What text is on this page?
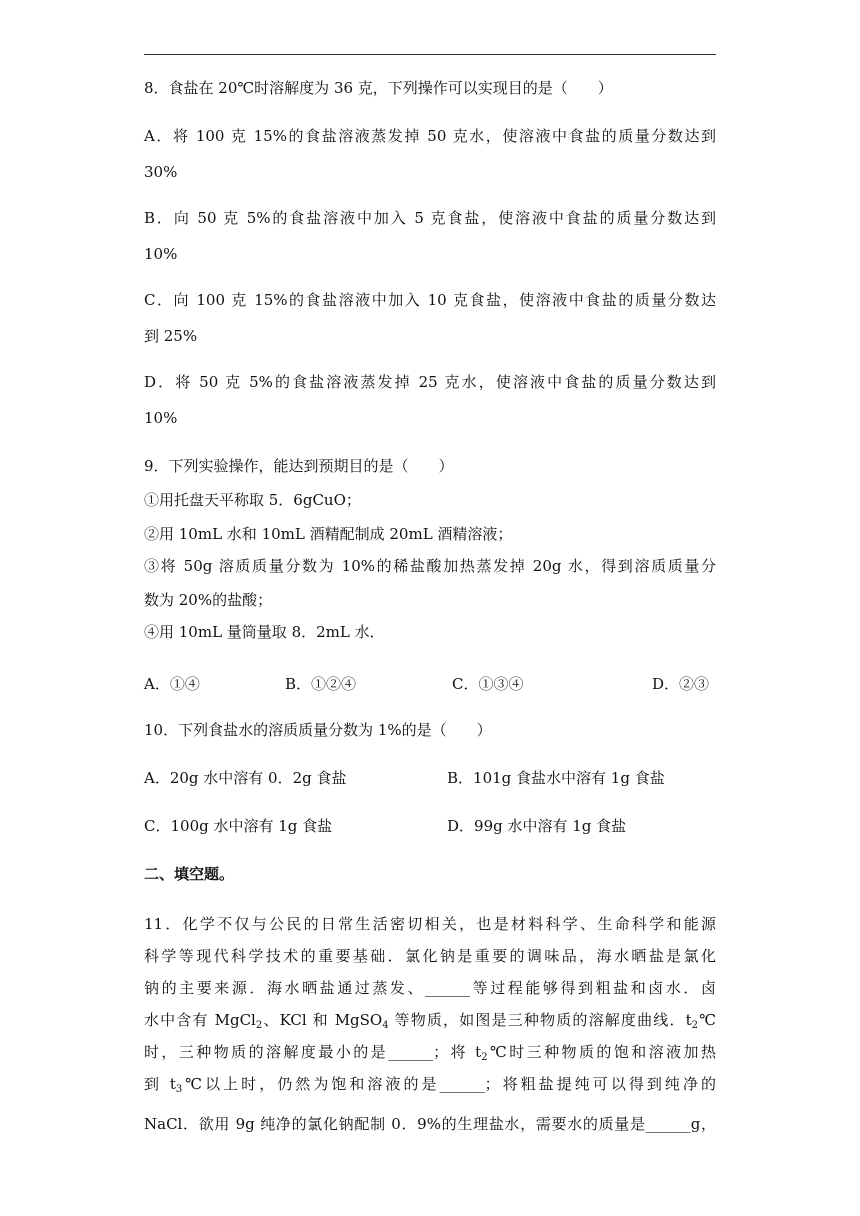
8．食盐在 20℃时溶解度为 36 克，下列操作可以实现目的是（　　）
A．将 100 克 15%的食盐溶液蒸发掉 50 克水，使溶液中食盐的质量分数达到
30%
B．向 50 克 5%的食盐溶液中加入 5 克食盐，使溶液中食盐的质量分数达到
10%
C．向 100 克 15%的食盐溶液中加入 10 克食盐，使溶液中食盐的质量分数达
到 25%
D．将 50 克 5%的食盐溶液蒸发掉 25 克水，使溶液中食盐的质量分数达到
10%
9．下列实验操作，能达到预期目的是（　　）
①用托盘天平称取 5．6gCuO；
②用 10mL 水和 10mL 酒精配制成 20mL 酒精溶液；
③将 50g 溶质质量分数为 10%的稀盐酸加热蒸发掉 20g 水，得到溶质质量分
数为 20%的盐酸；
④用 10mL 量筒量取 8．2mL 水．
A．①④	B．①②④	C．①③④	D．②③
10．下列食盐水的溶质质量分数为 1%的是（　　）
A．20g 水中溶有 0．2g 食盐	B．101g 食盐水中溶有 1g 食盐
C．100g 水中溶有 1g 食盐	D．99g 水中溶有 1g 食盐
二、填空题。
11．化学不仅与公民的日常生活密切相关，也是材料科学、生命科学和能源
科学等现代科学技术的重要基础．氯化钠是重要的调味品，海水晒盐是氯化
钠的主要来源．海水晒盐通过蒸发、______等过程能够得到粗盐和卤水．卤
水中含有 MgCl$_2$、KCl 和 MgSO$_4$ 等物质，如图是三种物质的溶解度曲线．$t_2℃$
时，三种物质的溶解度最小的是______；将 $t_2℃$时三种物质的饱和溶液加热
到 $t_3℃$以上时，仍然为饱和溶液的是______；将粗盐提纯可以得到纯净的
NaCl．欲用 9g 纯净的氯化钠配制 0．9%的生理盐水，需要水的质量是______g，
